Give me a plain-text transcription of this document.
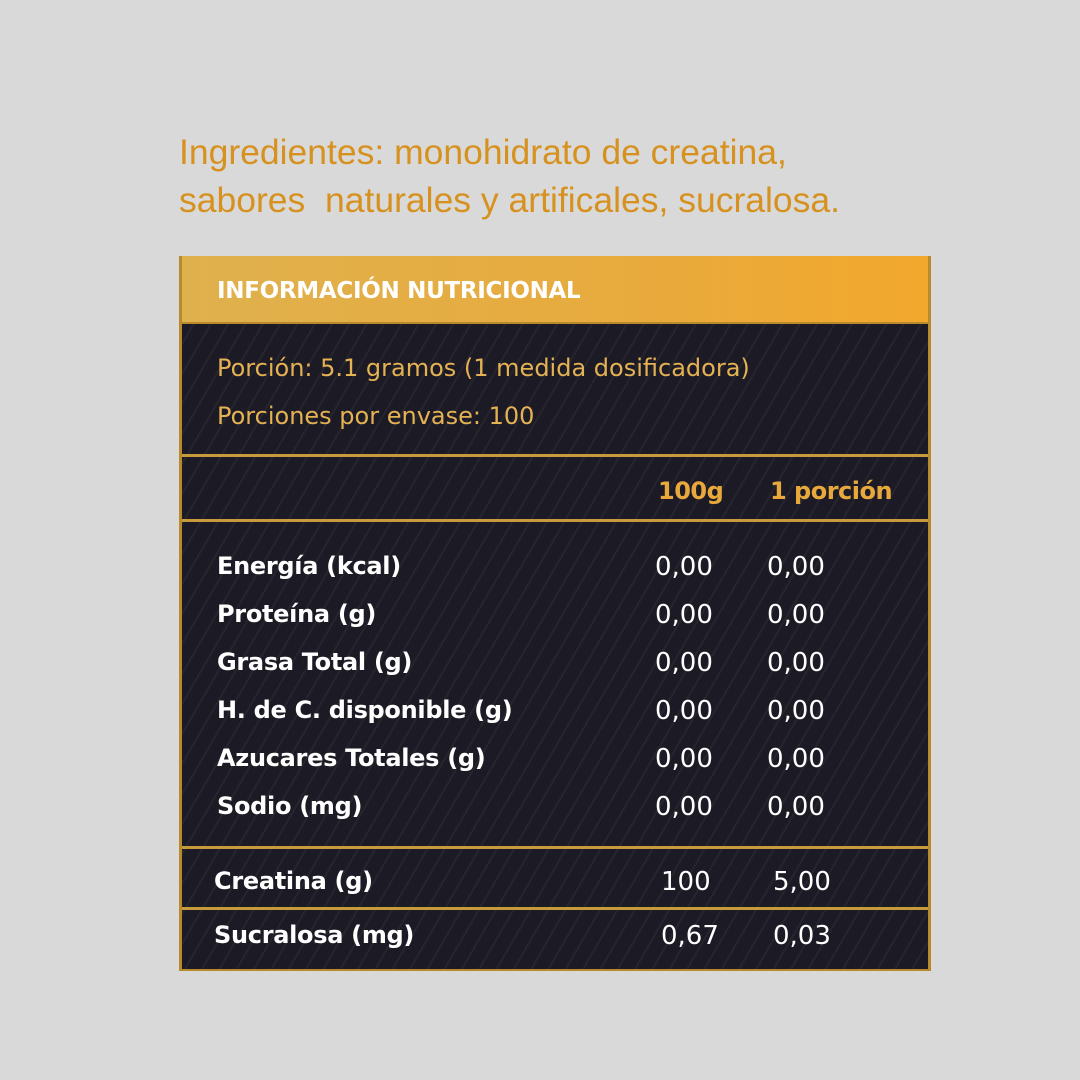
Ingredientes: monohidrato de creatina,
sabores  naturales y artificales, sucralosa.
INFORMACIÓN NUTRICIONAL
Porción: 5.1 gramos (1 medida dosificadora)
Porciones por envase: 100
100g 1 porción
Energía (kcal)	0,00 0,00
Proteína (g)	0,00 0,00
Grasa Total (g)	0,00 0,00
H. de C. disponible (g)	0,00 0,00
Azucares Totales (g)	0,00 0,00
Sodio (mg)	0,00 0,00
Creatina (g)	100 5,00
Sucralosa (mg)	0,67 0,03
